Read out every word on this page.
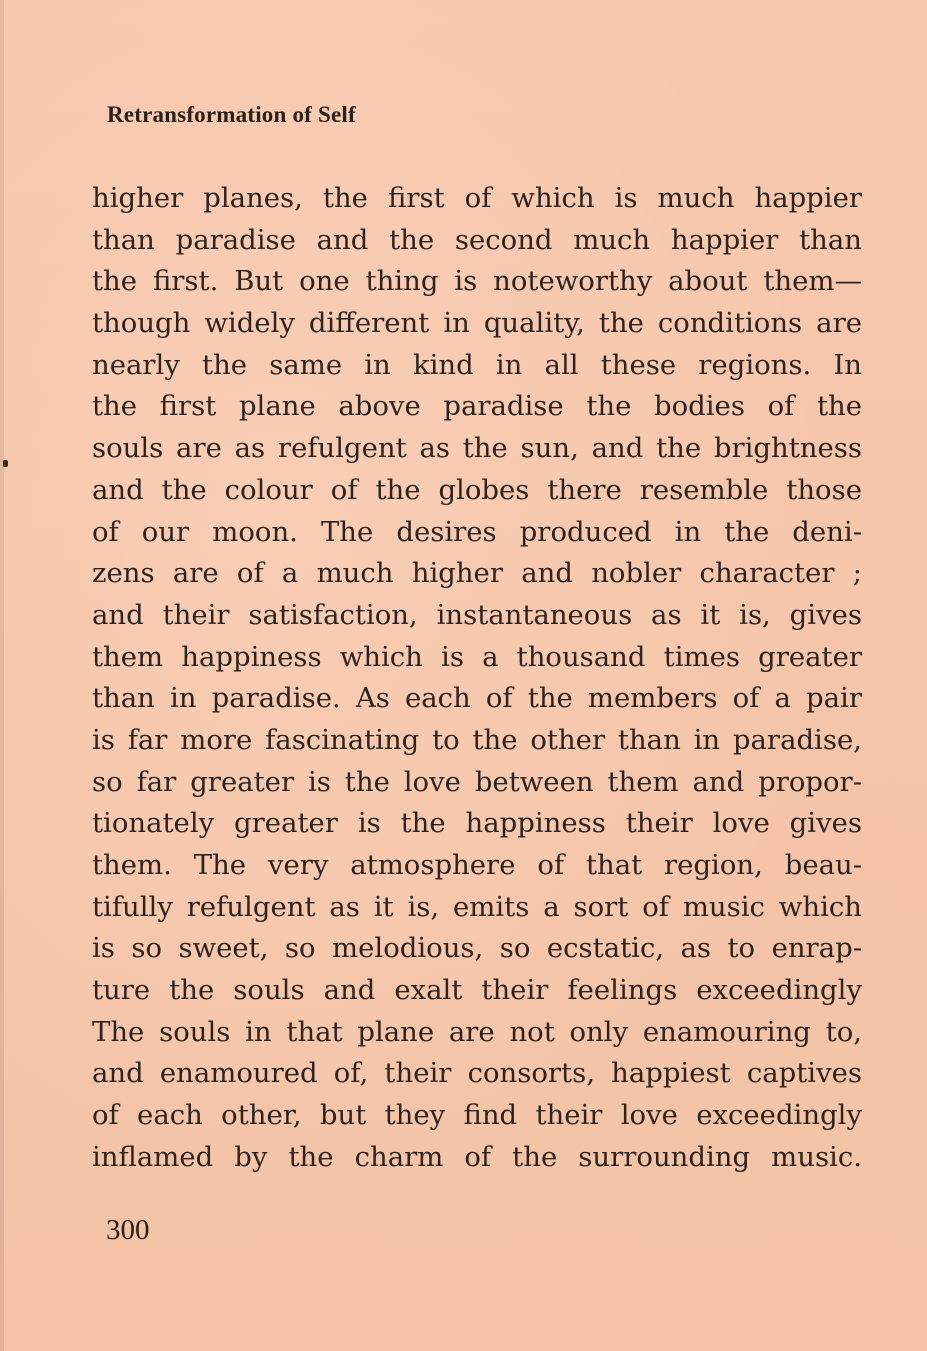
Retransformation of Self
higher planes, the first of which is much happier
than paradise and the second much happier than
the first. But one thing is noteworthy about them—
though widely different in quality, the conditions are
nearly the same in kind in all these regions. In
the first plane above paradise the bodies of the
souls are as refulgent as the sun, and the brightness
and the colour of the globes there resemble those
of our moon. The desires produced in the deni-
zens are of a much higher and nobler character ;
and their satisfaction, instantaneous as it is, gives
them happiness which is a thousand times greater
than in paradise. As each of the members of a pair
is far more fascinating to the other than in paradise,
so far greater is the love between them and propor-
tionately greater is the happiness their love gives
them. The very atmosphere of that region, beau-
tifully refulgent as it is, emits a sort of music which
is so sweet, so melodious, so ecstatic, as to enrap-
ture the souls and exalt their feelings exceedingly
The souls in that plane are not only enamouring to,
and enamoured of, their consorts, happiest captives
of each other, but they find their love exceedingly
inflamed by the charm of the surrounding music.
300
